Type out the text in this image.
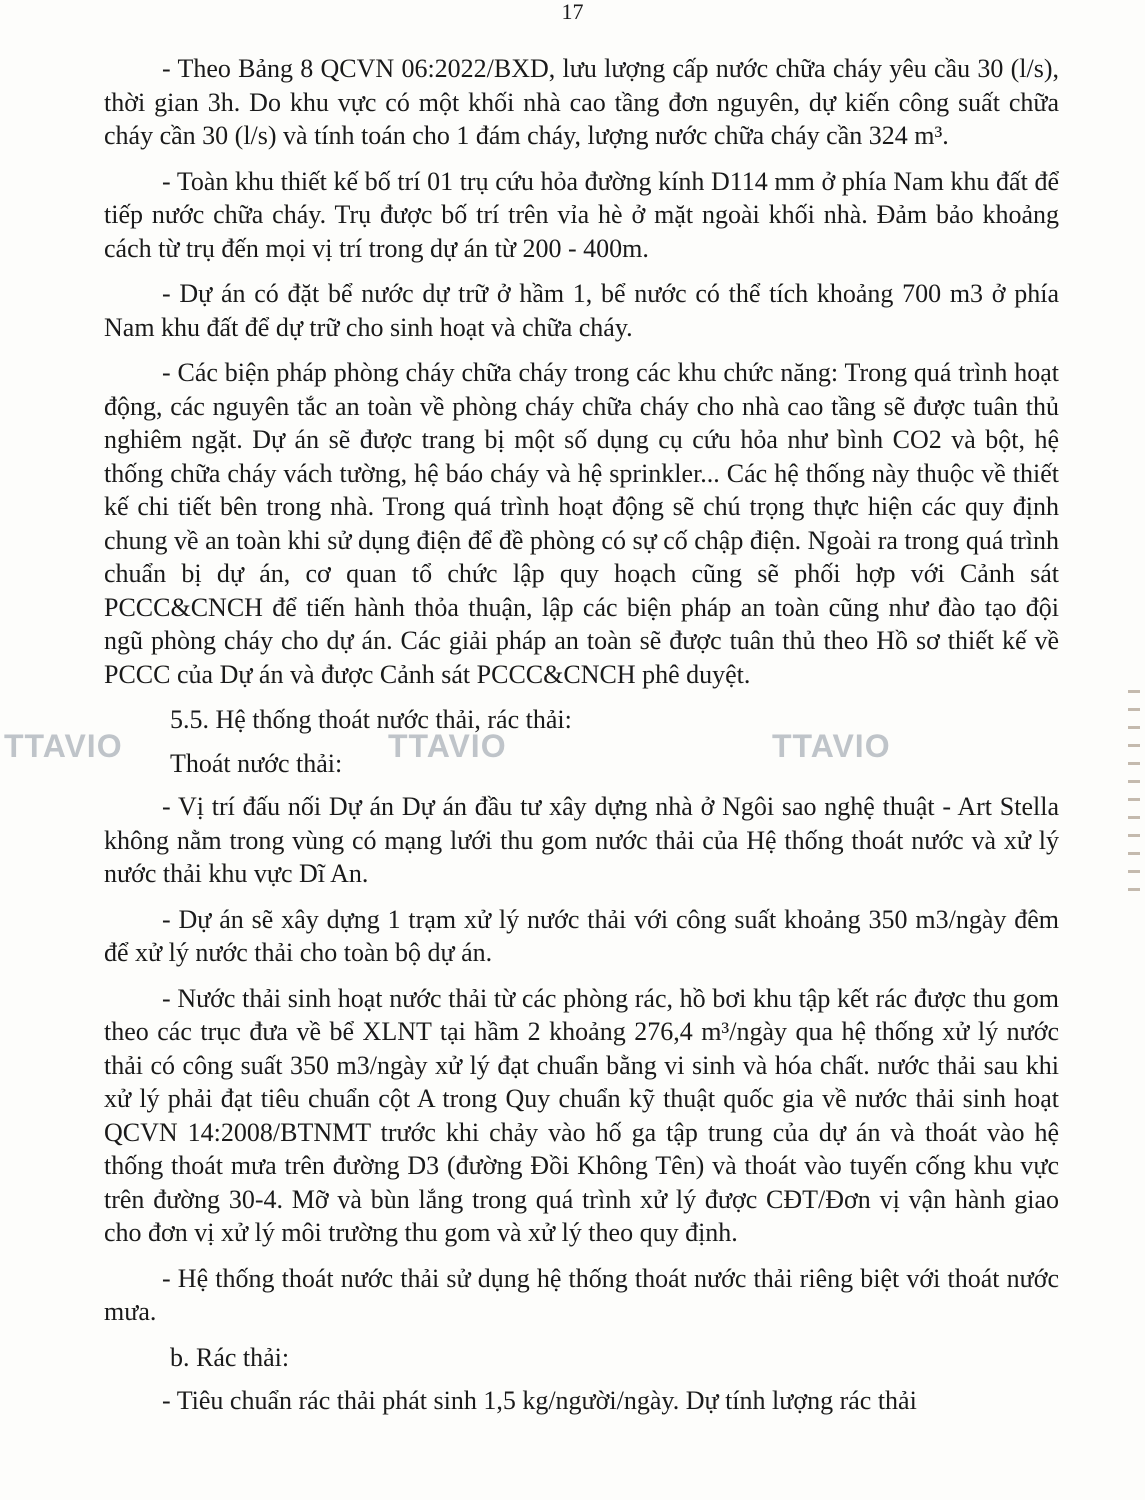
17

- Theo Bảng 8 QCVN 06:2022/BXD, lưu lượng cấp nước chữa cháy yêu cầu 30 (l/s), thời gian 3h. Do khu vực có một khối nhà cao tầng đơn nguyên, dự kiến công suất chữa cháy cần 30 (l/s) và tính toán cho 1 đám cháy, lượng nước chữa cháy cần 324 m³.

- Toàn khu thiết kế bố trí 01 trụ cứu hỏa đường kính D114 mm ở phía Nam khu đất để tiếp nước chữa cháy. Trụ được bố trí trên vỉa hè ở mặt ngoài khối nhà. Đảm bảo khoảng cách từ trụ đến mọi vị trí trong dự án từ 200 - 400m.

- Dự án có đặt bể nước dự trữ ở hầm 1, bể nước có thể tích khoảng 700 m3 ở phía Nam khu đất để dự trữ cho sinh hoạt và chữa cháy.

- Các biện pháp phòng cháy chữa cháy trong các khu chức năng: Trong quá trình hoạt động, các nguyên tắc an toàn về phòng cháy chữa cháy cho nhà cao tầng sẽ được tuân thủ nghiêm ngặt. Dự án sẽ được trang bị một số dụng cụ cứu hỏa như bình CO2 và bột, hệ thống chữa cháy vách tường, hệ báo cháy và hệ sprinkler... Các hệ thống này thuộc về thiết kế chi tiết bên trong nhà. Trong quá trình hoạt động sẽ chú trọng thực hiện các quy định chung về an toàn khi sử dụng điện để đề phòng có sự cố chập điện. Ngoài ra trong quá trình chuẩn bị dự án, cơ quan tổ chức lập quy hoạch cũng sẽ phối hợp với Cảnh sát PCCC&CNCH để tiến hành thỏa thuận, lập các biện pháp an toàn cũng như đào tạo đội ngũ phòng cháy cho dự án. Các giải pháp an toàn sẽ được tuân thủ theo Hồ sơ thiết kế về PCCC của Dự án và được Cảnh sát PCCC&CNCH phê duyệt.

5.5. Hệ thống thoát nước thải, rác thải:

Thoát nước thải:

- Vị trí đấu nối Dự án Dự án đầu tư xây dựng nhà ở Ngôi sao nghệ thuật - Art Stella không nằm trong vùng có mạng lưới thu gom nước thải của Hệ thống thoát nước và xử lý nước thải khu vực Dĩ An.

- Dự án sẽ xây dựng 1 trạm xử lý nước thải với công suất khoảng 350 m3/ngày đêm để xử lý nước thải cho toàn bộ dự án.

- Nước thải sinh hoạt nước thải từ các phòng rác, hồ bơi khu tập kết rác được thu gom theo các trục đưa về bể XLNT tại hầm 2 khoảng 276,4 m³/ngày qua hệ thống xử lý nước thải có công suất 350 m3/ngày xử lý đạt chuẩn bằng vi sinh và hóa chất. nước thải sau khi xử lý phải đạt tiêu chuẩn cột A trong Quy chuẩn kỹ thuật quốc gia về nước thải sinh hoạt QCVN 14:2008/BTNMT trước khi chảy vào hố ga tập trung của dự án và thoát vào hệ thống thoát mưa trên đường D3 (đường Đồi Không Tên) và thoát vào tuyến cống khu vực trên đường 30-4. Mỡ và bùn lắng trong quá trình xử lý được CĐT/Đơn vị vận hành giao cho đơn vị xử lý môi trường thu gom và xử lý theo quy định.

- Hệ thống thoát nước thải sử dụng hệ thống thoát nước thải riêng biệt với thoát nước mưa.

b. Rác thải:

- Tiêu chuẩn rác thải phát sinh 1,5 kg/người/ngày. Dự tính lượng rác thải

TTAVIO	TTAVIO	TTAVIO
